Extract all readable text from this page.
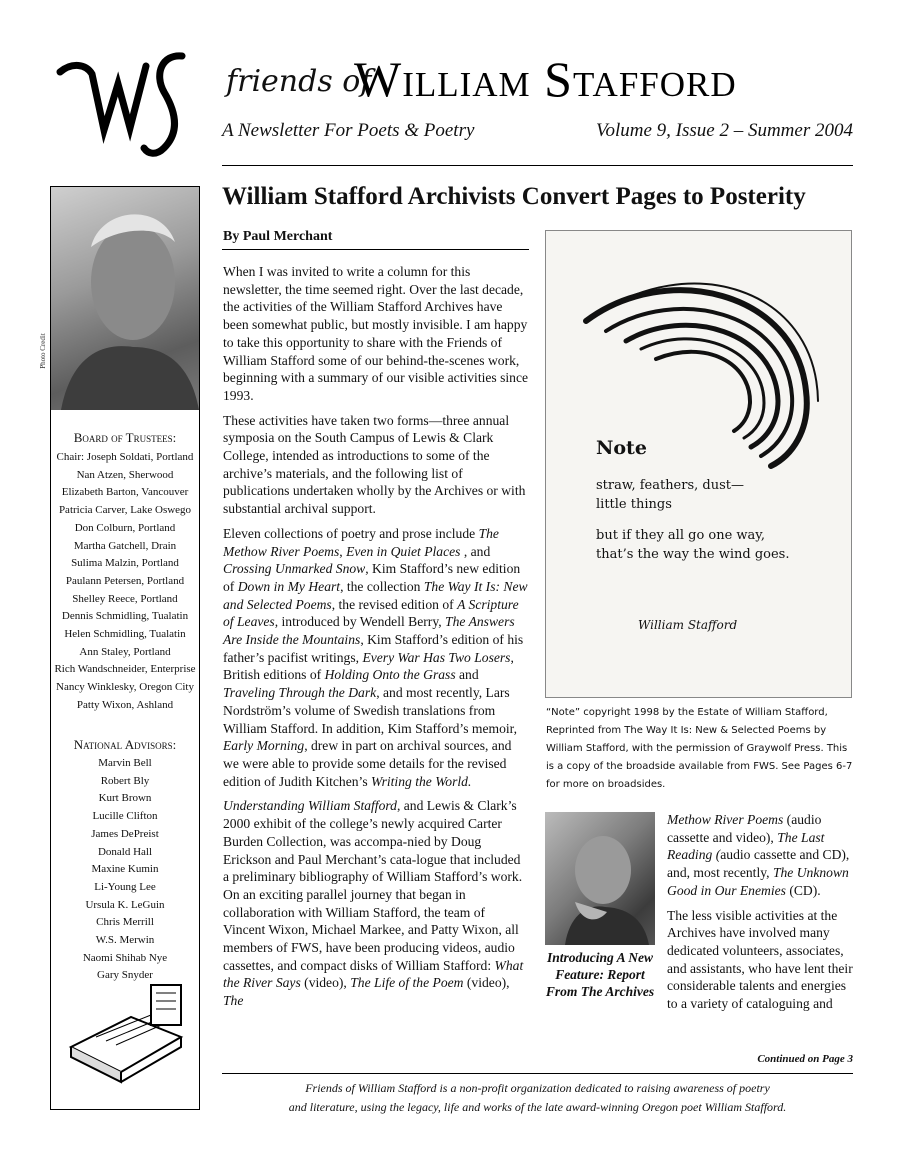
friends of
William Stafford
A Newsletter For Poets & Poetry	Volume 9, Issue 2 – Summer 2004
Photo Credit
Board of Trustees:
Chair: Joseph Soldati, Portland
Nan Atzen, Sherwood
Elizabeth Barton, Vancouver
Patricia Carver, Lake Oswego
Don Colburn, Portland
Martha Gatchell, Drain
Sulima Malzin, Portland
Paulann Petersen, Portland
Shelley Reece, Portland
Dennis Schmidling, Tualatin
Helen Schmidling, Tualatin
Ann Staley, Portland
Rich Wandschneider, Enterprise
Nancy Winklesky, Oregon City
Patty Wixon, Ashland
National Advisors:
Marvin Bell
Robert Bly
Kurt Brown
Lucille Clifton
James DePreist
Donald Hall
Maxine Kumin
Li-Young Lee
Ursula K. LeGuin
Chris Merrill
W.S. Merwin
Naomi Shihab Nye
Gary Snyder
William Stafford Archivists Convert Pages to Posterity
By Paul Merchant

When I was invited to write a column for this newsletter, the time seemed right. Over the last decade, the activities of the William Stafford Archives have been somewhat public, but mostly invisible. I am happy to take this opportunity to share with the Friends of William Stafford some of our behind-the-scenes work, beginning with a summary of our visible activities since 1993.

These activities have taken two forms—three annual symposia on the South Campus of Lewis & Clark College, intended as introductions to some of the archive’s materials, and the following list of publications undertaken wholly by the Archives or with substantial archival support.

Eleven collections of poetry and prose include The Methow River Poems, Even in Quiet Places , and Crossing Unmarked Snow, Kim Stafford’s new edition of Down in My Heart, the collection The Way It Is: New and Selected Poems, the revised edition of A Scripture of Leaves, introduced by Wendell Berry, The Answers Are Inside the Mountains, Kim Stafford’s edition of his father’s pacifist writings, Every War Has Two Losers, British editions of Holding Onto the Grass and Traveling Through the Dark, and most recently, Lars Nordström’s volume of Swedish translations from William Stafford. In addition, Kim Stafford’s memoir, Early Morning, drew in part on archival sources, and we were able to provide some details for the revised edition of Judith Kitchen’s Writing the World.

Understanding William Stafford, and Lewis & Clark’s 2000 exhibit of the college’s newly acquired Carter Burden Collection, was accompa-nied by Doug Erickson and Paul Merchant’s cata-logue that included a preliminary bibliography of William Stafford’s work. On an exciting parallel journey that began in collaboration with William Stafford, the team of Vincent Wixon, Michael Markee, and Patty Wixon, all members of FWS, have been producing videos, audio cassettes, and compact disks of William Stafford: What the River Says (video), The Life of the Poem (video), The

Note
straw, feathers, dust—
little things
but if they all go one way,
that’s the way the wind goes.
William Stafford
“Note” copyright 1998 by the Estate of William Stafford, Reprinted from The Way It Is: New & Selected Poems by William Stafford, with the permission of Graywolf Press. This is a copy of the broadside available from FWS. See Pages 6-7 for more on broadsides.
Introducing A New Feature: Report From The Archives

Methow River Poems (audio cassette and video), The Last Reading (audio cassette and CD), and, most recently, The Unknown Good in Our Enemies (CD).

The less visible activities at the Archives have involved many dedicated volunteers, associates, and assistants, who have lent their considerable talents and energies to a variety of cataloguing and

Continued on Page 3
Friends of William Stafford is a non-profit organization dedicated to raising awareness of poetry
and literature, using the legacy, life and works of the late award-winning Oregon poet William Stafford.
